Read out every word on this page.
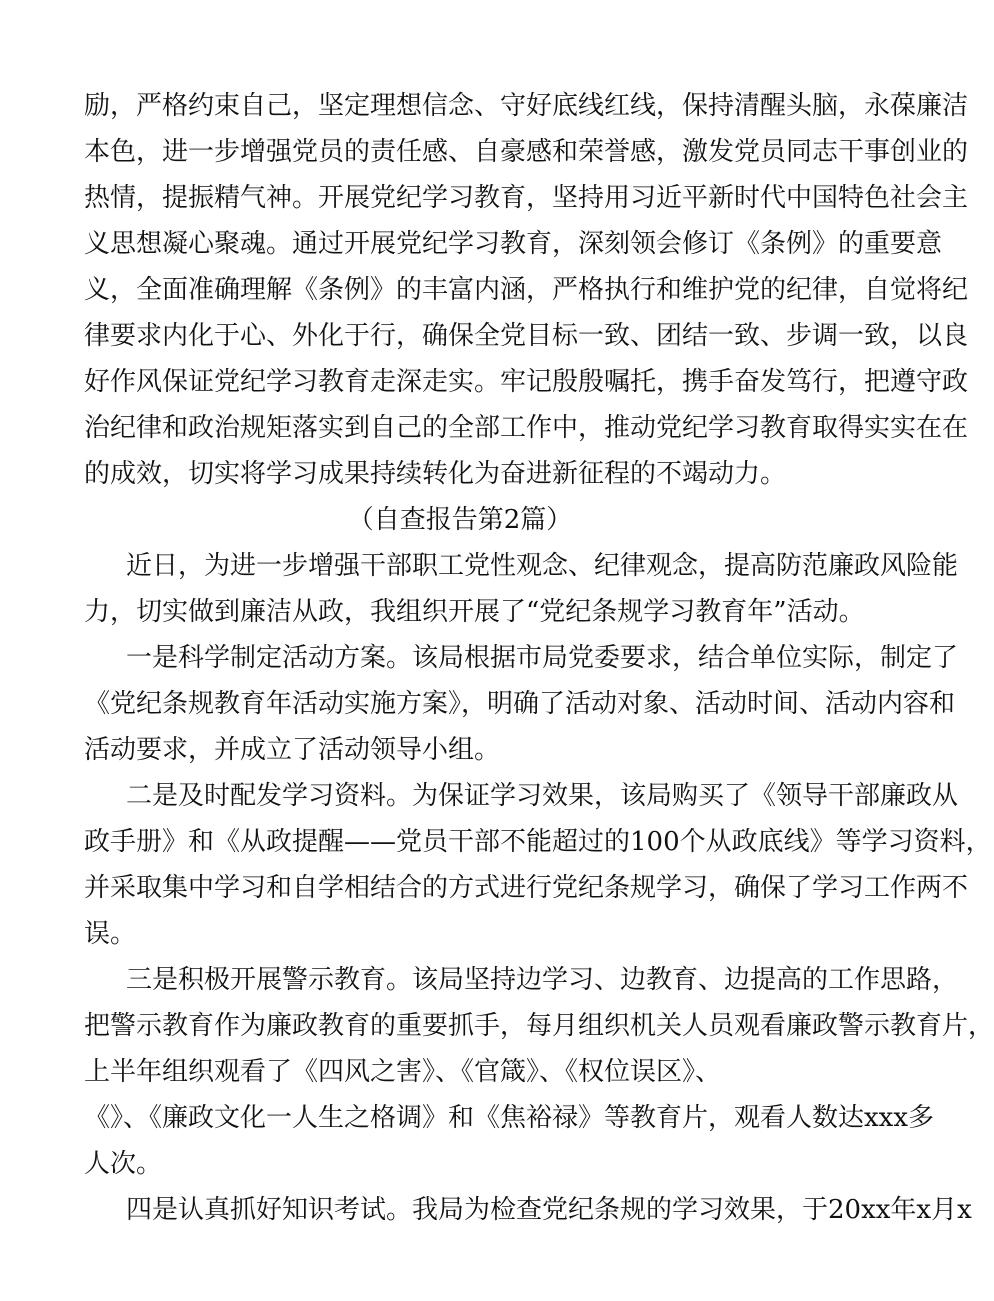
励，严格约束自己，坚定理想信念、守好底线红线，保持清醒头脑，永葆廉洁
本色，进一步增强党员的责任感、自豪感和荣誉感，激发党员同志干事创业的
热情，提振精气神。开展党纪学习教育，坚持用习近平新时代中国特色社会主
义思想凝心聚魂。通过开展党纪学习教育，深刻领会修订《条例》的重要意
义，全面准确理解《条例》的丰富内涵，严格执行和维护党的纪律，自觉将纪
律要求内化于心、外化于行，确保全党目标一致、团结一致、步调一致，以良
好作风保证党纪学习教育走深走实。牢记殷殷嘱托，携手奋发笃行，把遵守政
治纪律和政治规矩落实到自己的全部工作中，推动党纪学习教育取得实实在在
的成效，切实将学习成果持续转化为奋进新征程的不竭动力。
（自查报告第2篇）
近日，为进一步增强干部职工党性观念、纪律观念，提高防范廉政风险能
力，切实做到廉洁从政，我组织开展了“党纪条规学习教育年”活动。
一是科学制定活动方案。该局根据市局党委要求，结合单位实际，制定了
《党纪条规教育年活动实施方案》，明确了活动对象、活动时间、活动内容和
活动要求，并成立了活动领导小组。
二是及时配发学习资料。为保证学习效果，该局购买了《领导干部廉政从
政手册》和《从政提醒——党员干部不能超过的100个从政底线》等学习资料，
并采取集中学习和自学相结合的方式进行党纪条规学习，确保了学习工作两不
误。
三是积极开展警示教育。该局坚持边学习、边教育、边提高的工作思路，
把警示教育作为廉政教育的重要抓手，每月组织机关人员观看廉政警示教育片，
上半年组织观看了《四风之害》、《官箴》、《权位误区》、
《》、《廉政文化一人生之格调》和《焦裕禄》等教育片，观看人数达xxx多
人次。
四是认真抓好知识考试。我局为检查党纪条规的学习效果，于20xx年x月x
